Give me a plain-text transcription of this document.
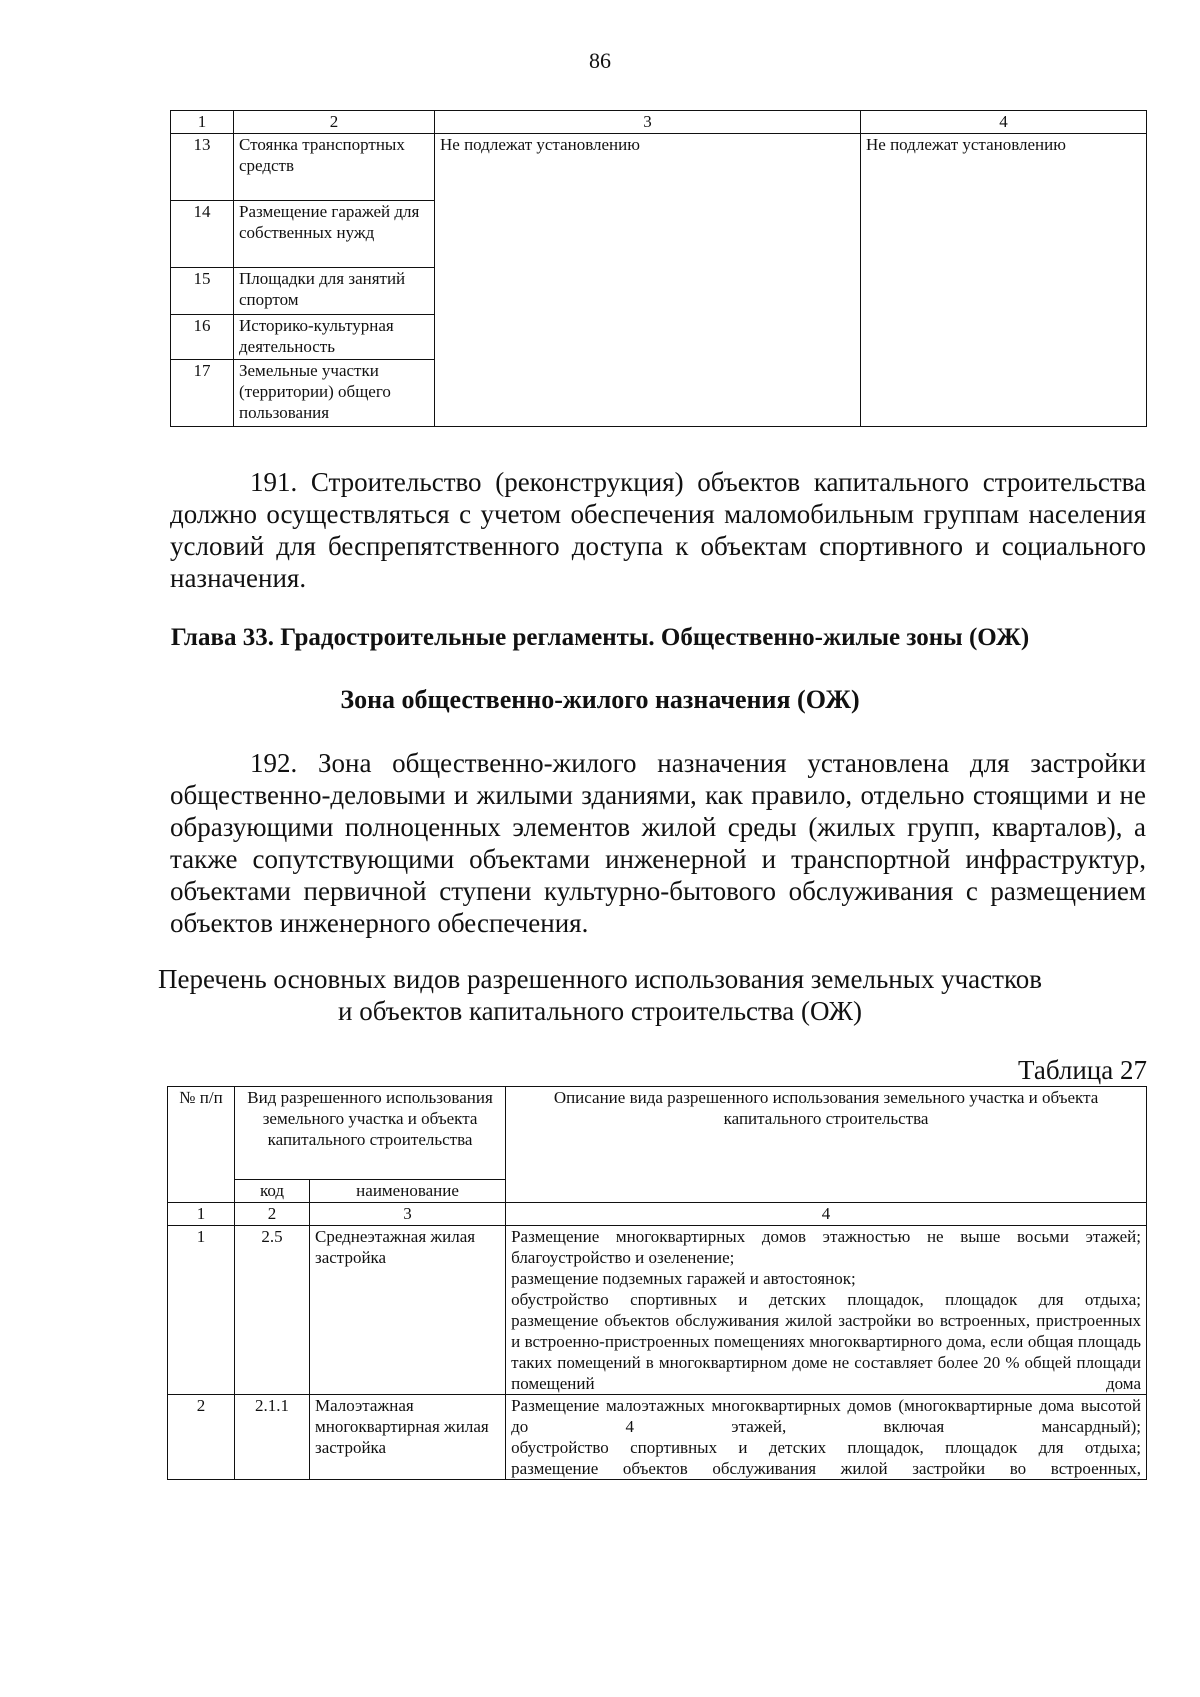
86
1	2	3	4
13	Стоянка транспортных средств	Не подлежат установлению	Не подлежат установлению
14	Размещение гаражей для собственных нужд		
15	Площадки для занятий спортом		
16	Историко-культурная деятельность		
17	Земельные участки (территории) общего пользования		

191. Строительство (реконструкция) объектов капитального строительства должно осуществляться с учетом обеспечения маломобильным группам населения условий для беспрепятственного доступа к объектам спортивного и социального назначения.

Глава 33. Градостроительные регламенты. Общественно-жилые зоны (ОЖ)
Зона общественно-жилого назначения (ОЖ)

192. Зона общественно-жилого назначения установлена для застройки общественно-деловыми и жилыми зданиями, как правило, отдельно стоящими и не образующими полноценных элементов жилой среды (жилых групп, кварталов), а также сопутствующими объектами инженерной и транспортной инфраструктур, объектами первичной ступени культурно-бытового обслуживания с размещением объектов инженерного обеспечения.

Перечень основных видов разрешенного использования земельных участков
и объектов капитального строительства (ОЖ)
Таблица 27
№ п/п	Вид разрешенного использования земельного участка и объекта капитального строительства		Описание вида разрешенного использования земельного участка и объекта капитального строительства
	код	наименование	
1	2	3	4
1	2.5	Среднеэтажная жилая застройка	Размещение многоквартирных домов этажностью не выше восьми этажей;
благоустройство и озеленение;
размещение подземных гаражей и автостоянок;
обустройство спортивных и детских площадок, площадок для отдыха;
размещение объектов обслуживания жилой застройки во встроенных, пристроенных и встроенно-пристроенных помещениях многоквартирного дома, если общая площадь таких помещений в многоквартирном доме не составляет более 20 % общей площади помещений дома

2	2.1.1	Малоэтажная многоквартирная жилая застройка	Размещение малоэтажных многоквартирных домов (многоквартирные дома высотой до 4 этажей, включая мансардный);
обустройство спортивных и детских площадок, площадок для отдыха;
размещение объектов обслуживания жилой застройки во встроенных,
